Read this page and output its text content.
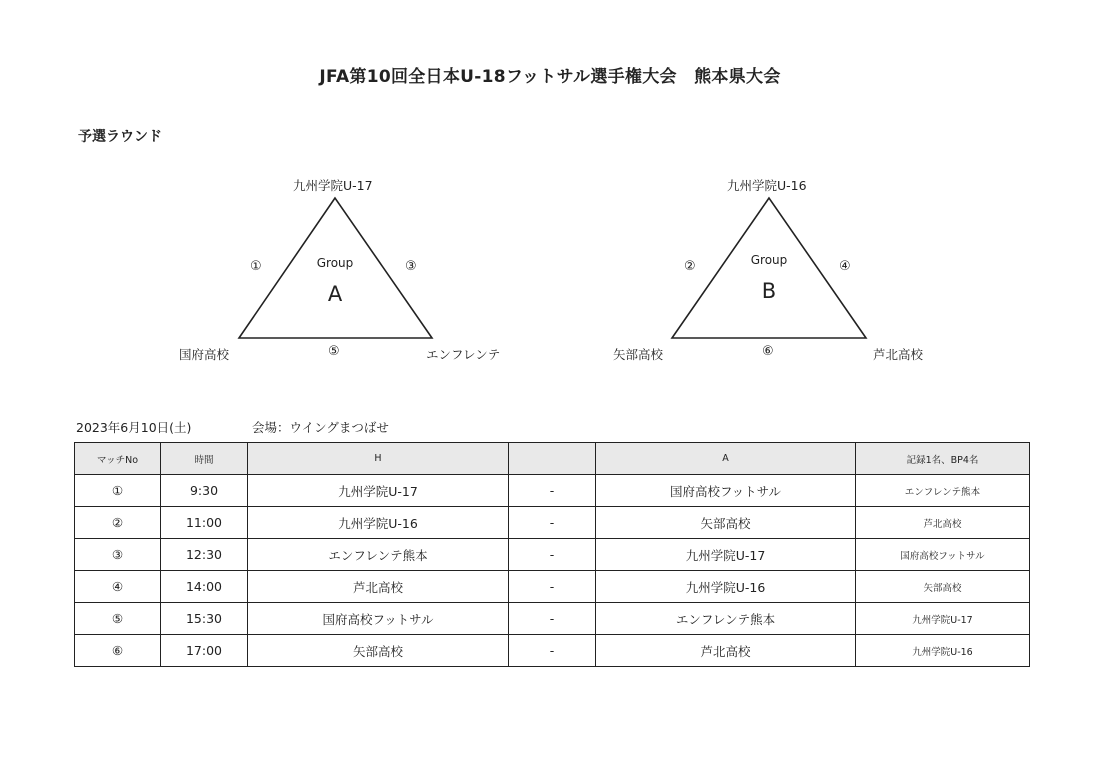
JFA第10回全日本U-18フットサル選手権大会　熊本県大会
予選ラウンド
九州学院U-17
国府高校	エンフレンテ
①	③
⑤
Group
A
九州学院U-16
矢部高校	芦北高校
②	④
⑥
Group
B
2023年6月10日(土)	会場：ウイングまつばせ
マッチNo	時間	H		A	記録1名、BP4名
①	9:30	九州学院U-17	-	国府高校フットサル	エンフレンテ熊本
②	11:00	九州学院U-16	-	矢部高校	芦北高校
③	12:30	エンフレンテ熊本	-	九州学院U-17	国府高校フットサル
④	14:00	芦北高校	-	九州学院U-16	矢部高校
⑤	15:30	国府高校フットサル	-	エンフレンテ熊本	九州学院U-17
⑥	17:00	矢部高校	-	芦北高校	九州学院U-16
